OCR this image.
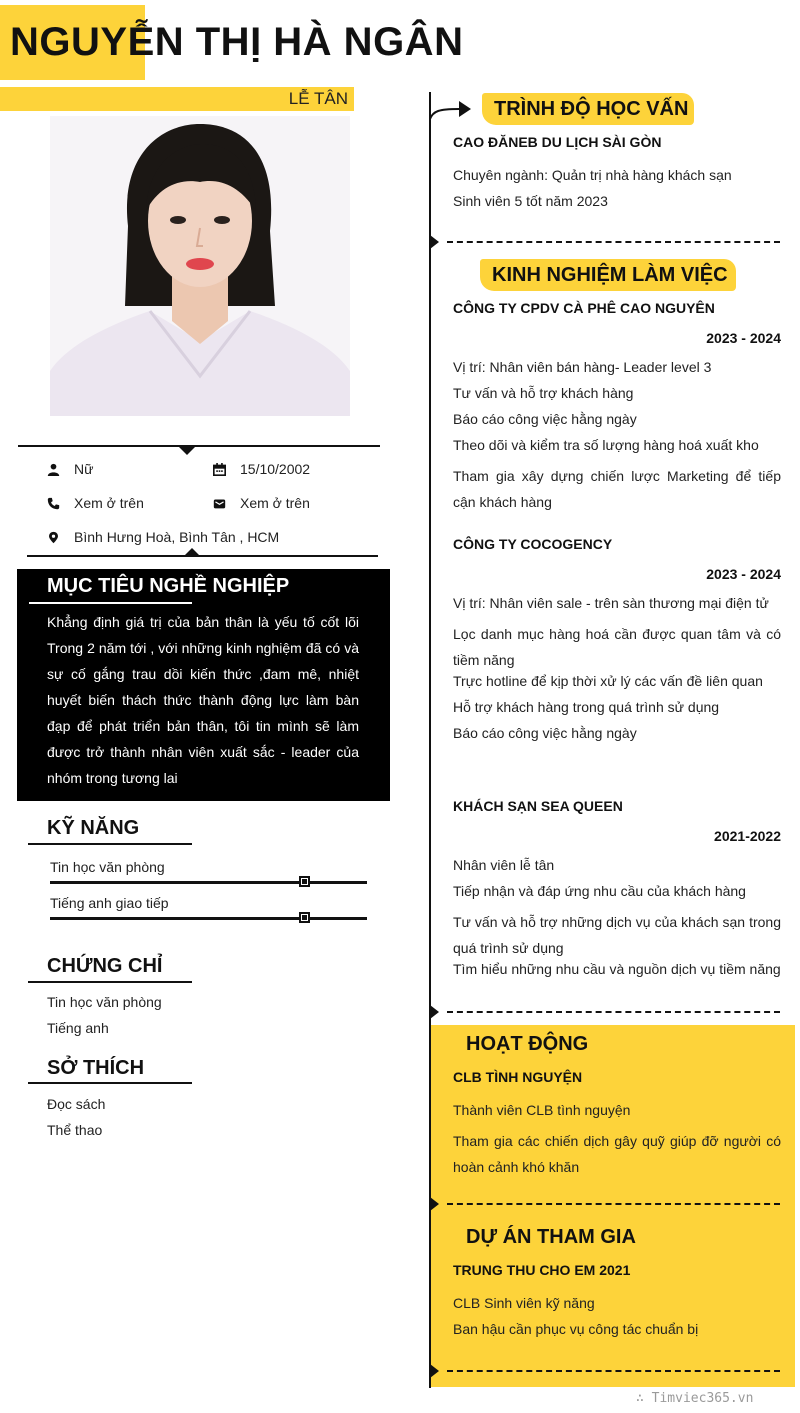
NGUYỄN THỊ HÀ NGÂN
LỄ TÂN
Nữ	15/10/2002
Xem ở trên	Xem ở trên
Bình Hưng Hoà, Bình Tân , HCM
MỤC TIÊU NGHỀ NGHIỆP
Khẳng định giá trị của bản thân là yếu tố cốt lõi Trong 2 năm tới , với những kinh nghiệm đã có và sự cố gắng trau dồi kiến thức ,đam mê, nhiệt huyết biến thách thức thành động lực làm bàn đạp để phát triển bản thân, tôi tin mình sẽ làm được trở thành nhân viên xuất sắc - leader của nhóm trong tương lai
KỸ NĂNG
Tin học văn phòng
Tiếng anh giao tiếp
CHỨNG CHỈ
Tin học văn phòng
Tiếng anh
SỞ THÍCH
Đọc sách
Thể thao
TRÌNH ĐỘ HỌC VẤN
CAO ĐĂNEB DU LỊCH SÀI GÒN
Chuyên ngành: Quản trị nhà hàng khách sạn
Sinh viên 5 tốt năm 2023
KINH NGHIỆM LÀM VIỆC
CÔNG TY CPDV CÀ PHÊ CAO NGUYÊN
2023 - 2024
Vị trí: Nhân viên bán hàng- Leader level 3
Tư vấn và hỗ trợ khách hàng
Báo cáo công việc hằng ngày
Theo dõi và kiểm tra số lượng hàng hoá xuất kho
Tham gia xây dựng chiến lược Marketing để tiếp cận khách hàng
CÔNG TY COCOGENCY
2023 - 2024
Vị trí: Nhân viên sale - trên sàn thương mại điện tử
Lọc danh mục hàng hoá cần được quan tâm và có tiềm năng
Trực hotline để kịp thời xử lý các vấn đề liên quan
Hỗ trợ khách hàng trong quá trình sử dụng
Báo cáo công việc hằng ngày
KHÁCH SẠN SEA QUEEN
2021-2022
Nhân viên lễ tân
Tiếp nhận và đáp ứng nhu cầu của khách hàng
Tư vấn và hỗ trợ những dịch vụ của khách sạn trong quá trình sử dụng
Tìm hiểu những nhu cầu và nguồn dịch vụ tiềm năng
HOẠT ĐỘNG
CLB TÌNH NGUYỆN
Thành viên CLB tình nguyện
Tham gia các chiến dịch gây quỹ giúp đỡ người có hoàn cảnh khó khăn
DỰ ÁN THAM GIA
TRUNG THU CHO EM 2021
CLB Sinh viên kỹ năng
Ban hậu cần phục vụ công tác chuẩn bị
∴ Timviec365.vn
